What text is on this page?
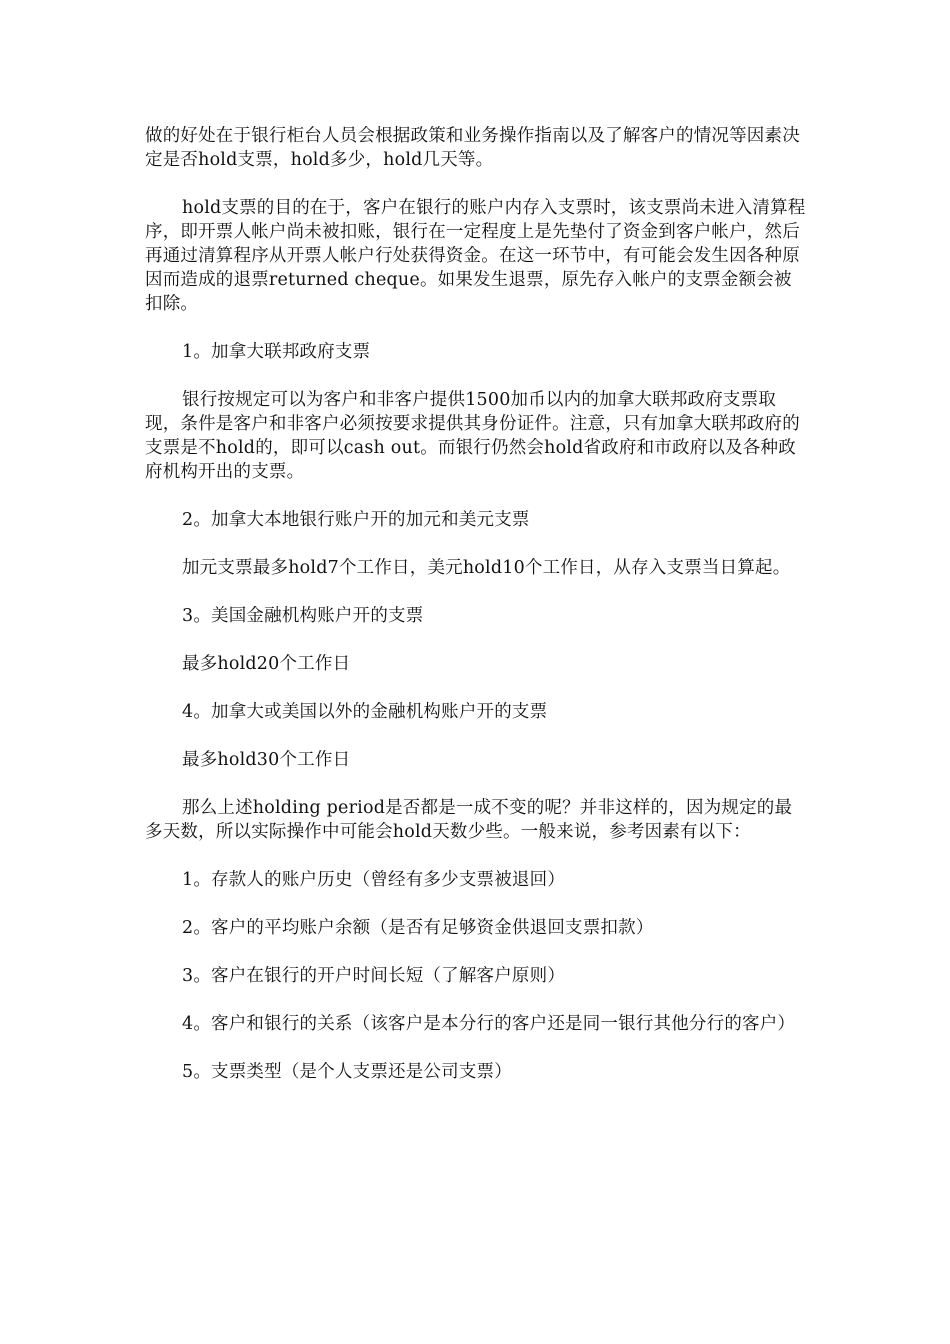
做的好处在于银行柜台人员会根据政策和业务操作指南以及了解客户的情况等因素决定是否hold支票，hold多少，hold几天等。

hold支票的目的在于，客户在银行的账户内存入支票时，该支票尚未进入清算程序，即开票人帐户尚未被扣账，银行在一定程度上是先垫付了资金到客户帐户，然后再通过清算程序从开票人帐户行处获得资金。在这一环节中，有可能会发生因各种原因而造成的退票returned cheque。如果发生退票，原先存入帐户的支票金额会被扣除。

1。加拿大联邦政府支票

银行按规定可以为客户和非客户提供1500加币以内的加拿大联邦政府支票取现，条件是客户和非客户必须按要求提供其身份证件。注意，只有加拿大联邦政府的支票是不hold的，即可以cash out。而银行仍然会hold省政府和市政府以及各种政府机构开出的支票。

2。加拿大本地银行账户开的加元和美元支票

加元支票最多hold7个工作日，美元hold10个工作日，从存入支票当日算起。

3。美国金融机构账户开的支票

最多hold20个工作日

4。加拿大或美国以外的金融机构账户开的支票

最多hold30个工作日

那么上述holding period是否都是一成不变的呢？并非这样的，因为规定的最多天数，所以实际操作中可能会hold天数少些。一般来说，参考因素有以下：

1。存款人的账户历史（曾经有多少支票被退回）

2。客户的平均账户余额（是否有足够资金供退回支票扣款）

3。客户在银行的开户时间长短（了解客户原则）

4。客户和银行的关系（该客户是本分行的客户还是同一银行其他分行的客户）

5。支票类型（是个人支票还是公司支票）
